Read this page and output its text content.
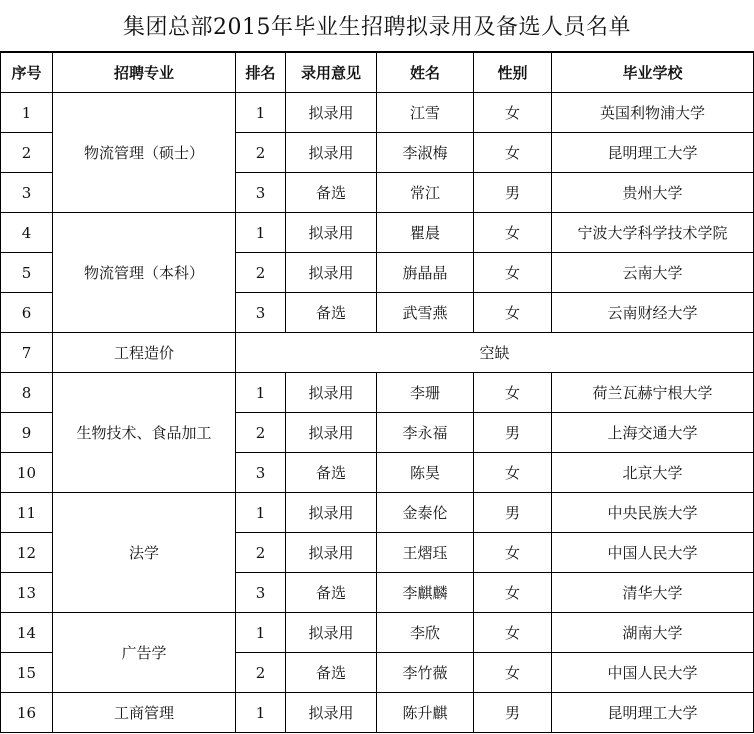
集团总部2015年毕业生招聘拟录用及备选人员名单
序号	招聘专业	排名	录用意见	姓名	性别	毕业学校
1	物流管理（硕士）	1	拟录用	江雪	女	英国利物浦大学
2		2	拟录用	李淑梅	女	昆明理工大学
3		3	备选	常江	男	贵州大学
4	物流管理（本科）	1	拟录用	瞿晨	女	宁波大学科学技术学院
5		2	拟录用	旃晶晶	女	云南大学
6		3	备选	武雪燕	女	云南财经大学
7	工程造价	空缺				
8	生物技术、食品加工	1	拟录用	李珊	女	荷兰瓦赫宁根大学
9		2	拟录用	李永福	男	上海交通大学
10		3	备选	陈昊	女	北京大学
11	法学	1	拟录用	金泰伦	男	中央民族大学
12		2	拟录用	王熠珏	女	中国人民大学
13		3	备选	李麒麟	女	清华大学
14	广告学	1	拟录用	李欣	女	湖南大学
15		2	备选	李竹薇	女	中国人民大学
16	工商管理	1	拟录用	陈升麒	男	昆明理工大学
